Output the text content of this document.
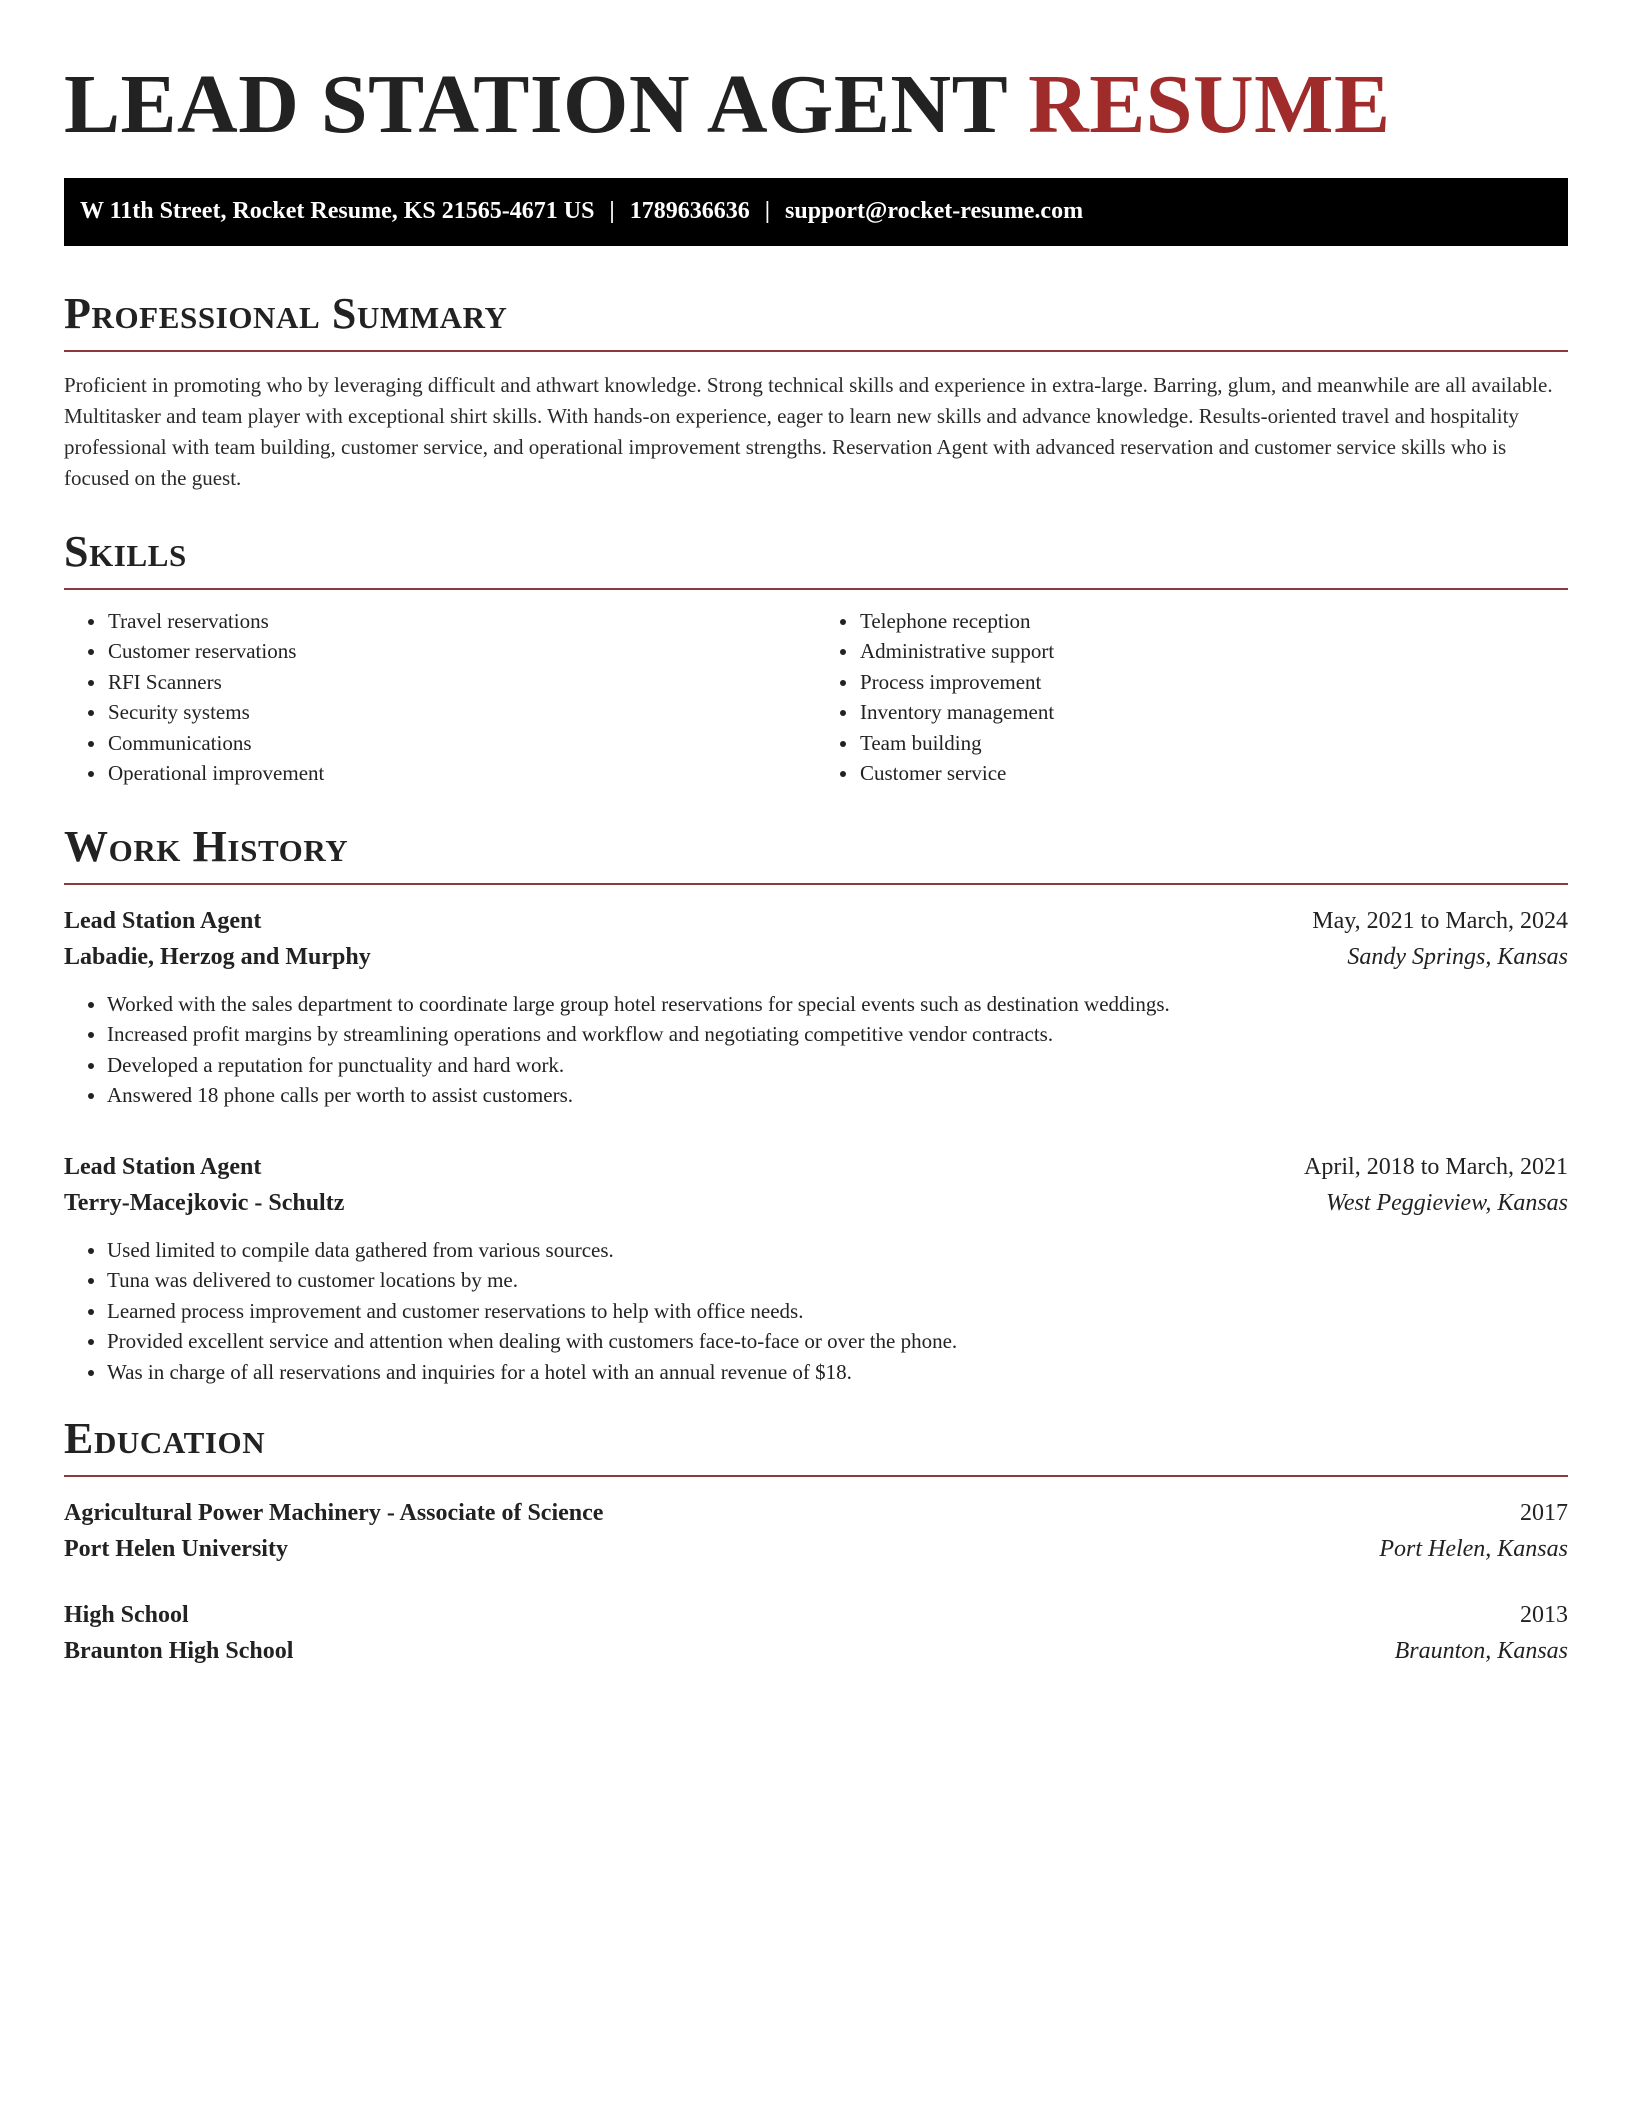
LEAD STATION AGENT RESUME
W 11th Street, Rocket Resume, KS 21565-4671 US | 1789636636 | support@rocket-resume.com
Professional Summary

Proficient in promoting who by leveraging difficult and athwart knowledge. Strong technical skills and experience in extra-large. Barring, glum, and meanwhile are all available. Multitasker and team player with exceptional shirt skills. With hands-on experience, eager to learn new skills and advance knowledge. Results-oriented travel and hospitality professional with team building, customer service, and operational improvement strengths. Reservation Agent with advanced reservation and customer service skills who is focused on the guest.

Skills
• Travel reservations
• Customer reservations
• RFI Scanners
• Security systems
• Communications
• Operational improvement
• Telephone reception
• Administrative support
• Process improvement
• Inventory management
• Team building
• Customer service
Work History
Lead Station Agent	May, 2021 to March, 2024
Labadie, Herzog and Murphy	Sandy Springs, Kansas
• Worked with the sales department to coordinate large group hotel reservations for special events such as destination weddings.
• Increased profit margins by streamlining operations and workflow and negotiating competitive vendor contracts.
• Developed a reputation for punctuality and hard work.
• Answered 18 phone calls per worth to assist customers.
Lead Station Agent	April, 2018 to March, 2021
Terry-Macejkovic - Schultz	West Peggieview, Kansas
• Used limited to compile data gathered from various sources.
• Tuna was delivered to customer locations by me.
• Learned process improvement and customer reservations to help with office needs.
• Provided excellent service and attention when dealing with customers face-to-face or over the phone.
• Was in charge of all reservations and inquiries for a hotel with an annual revenue of $18.
Education
Agricultural Power Machinery - Associate of Science	2017
Port Helen University	Port Helen, Kansas
High School	2013
Braunton High School	Braunton, Kansas
